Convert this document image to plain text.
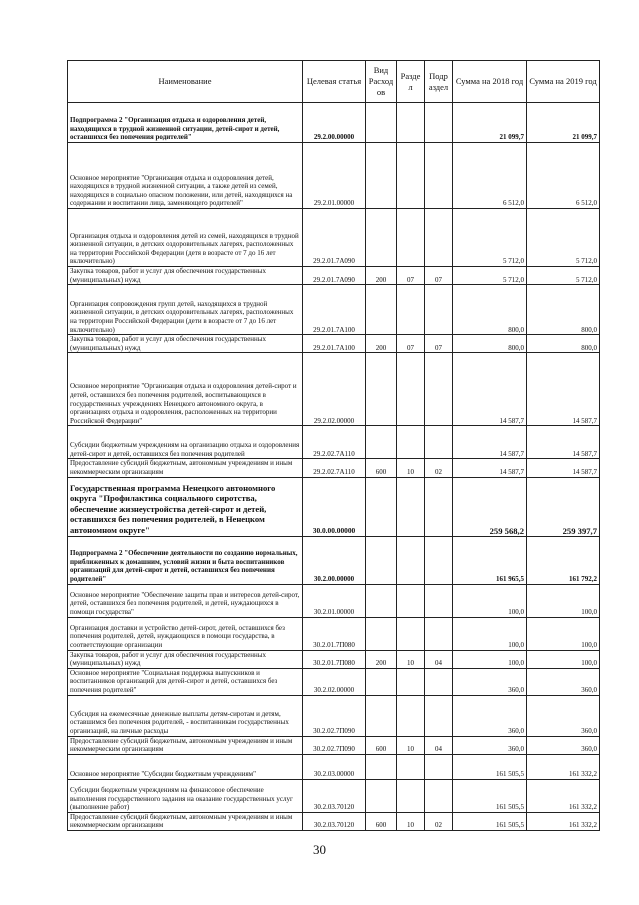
Наименование	Целевая статья	Вид Расход ов	Разде л	Подр аздел	Сумма на 2018 год	Сумма на 2019 год
Подпрограмма 2 "Организация отдыха и оздоровления детей, находящихся в трудной жизненной ситуации, детей-сирот и детей, оставшихся без попечения родителей"	29.2.00.00000				21 099,7	21 099,7
Основное мероприятие "Организация отдыха и оздоровления детей, находящихся в трудной жизненной ситуации, а также детей из семей, находящихся в социально опасном положении, или детей, находящихся на содержании и воспитании лица, заменяющего родителей"	29.2.01.00000				6 512,0	6 512,0
Организация отдыха и оздоровления детей из семей, находящихся в трудной жизненной ситуации, в детских оздоровительных лагерях, расположенных на территории Российской Федерации (детя в возрасте от 7 до 16 лет включительно)	29.2.01.7А090				5 712,0	5 712,0
Закупка товаров, работ и услуг для обеспечения государственных (муниципальных) нужд	29.2.01.7А090	200	07	07	5 712,0	5 712,0
Организация сопровождения групп детей, находящихся в трудной жизненной ситуации, в детских оздоровительных лагерях, расположенных на территории Российской Федерации (дети в возрасте от 7 до 16 лет включительно)	29.2.01.7А100				800,0	800,0
Закупка товаров, работ и услуг для обеспечения государственных (муниципальных) нужд	29.2.01.7А100	200	07	07	800,0	800,0
Основное мероприятие "Организация отдыха и оздоровления детей-сирот и детей, оставшихся без попечения родителей, воспитывающихся в государственных учреждениях Ненецкого автономного округа, в организациях отдыха и оздоровления, расположенных на территории Российской Федерации"	29.2.02.00000				14 587,7	14 587,7
Субсидии бюджетным учреждениям на организацию отдыха и оздоровления детей-сирот и детей, оставшихся без попечения родителей	29.2.02.7А110				14 587,7	14 587,7
Предоставление субсидий бюджетным, автономным учреждениям и иным некоммерческим организациям	29.2.02.7А110	600	10	02	14 587,7	14 587,7
Государственная программа Ненецкого автономного округа "Профилактика социального сиротства, обеспечение жизнеустройства детей-сирот и детей, оставшихся без попечения родителей, в Ненецком автономном округе"	30.0.00.00000				259 568,2	259 397,7
Подпрограмма 2 "Обеспечение деятельности по созданию нормальных, приближенных к домашним, условий жизни и быта воспитанников организаций для детей-сирот и детей, оставшихся без попечения родителей"	30.2.00.00000				161 965,5	161 792,2
Основное мероприятие "Обеспечение защиты прав и интересов детей-сирот, детей, оставшихся без попечения родителей, и детей, нуждающихся в помощи государства"	30.2.01.00000				100,0	100,0
Организация доставки и устройство детей-сирот, детей, оставшихся без попечения родителей, детей, нуждающихся в помощи государства, в соответствующие организации	30.2.01.7П080				100,0	100,0
Закупка товаров, работ и услуг для обеспечения государственных (муниципальных) нужд	30.2.01.7П080	200	10	04	100,0	100,0
Основное мероприятие "Социальная поддержка выпускников и воспитанников организаций для детей-сирот и детей, оставшихся без попечения родителей"	30.2.02.00000				360,0	360,0
Субсидия на ежемесячные денежные выплаты детям-сиротам и детям, оставшимся без попечения родителей, - воспитанникам государственных организаций, на личные расходы	30.2.02.7П090				360,0	360,0
Предоставление субсидий бюджетным, автономным учреждениям и иным некоммерческим организациям	30.2.02.7П090	600	10	04	360,0	360,0
Основное мероприятие "Субсидии бюджетным учреждениям"	30.2.03.00000				161 505,5	161 332,2
Субсидии бюджетным учреждениям на финансовое обеспечение выполнения государственного задания на оказание государственных услуг (выполнение работ)	30.2.03.70120				161 505,5	161 332,2
Предоставление субсидий бюджетным, автономным учреждениям и иным некоммерческим организациям	30.2.03.70120	600	10	02	161 505,5	161 332,2
30
